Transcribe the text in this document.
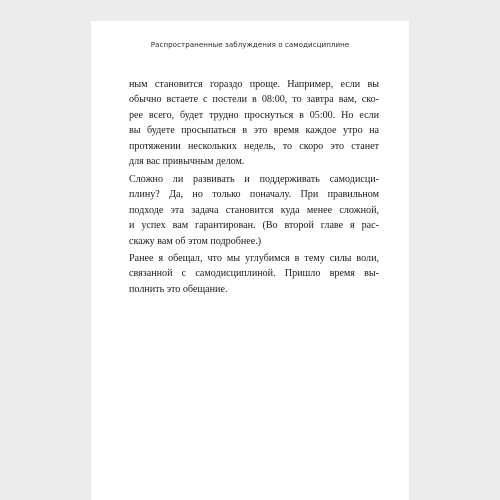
Распространенные заблуждения о самодисциплине
ным становится гораздо проще. Например, если вы
обычно встаете с постели в 08:00, то завтра вам, ско-
рее всего, будет трудно проснуться в 05:00. Но если
вы будете просыпаться в это время каждое утро на
протяжении нескольких недель, то скоро это станет
для вас привычным делом.
Сложно ли развивать и поддерживать самодисци-
плину? Да, но только поначалу. При правильном
подходе эта задача становится куда менее сложной,
и успех вам гарантирован. (Во второй главе я рас-
скажу вам об этом подробнее.)
Ранее я обещал, что мы углубимся в тему силы воли,
связанной с самодисциплиной. Пришло время вы-
полнить это обещание.
